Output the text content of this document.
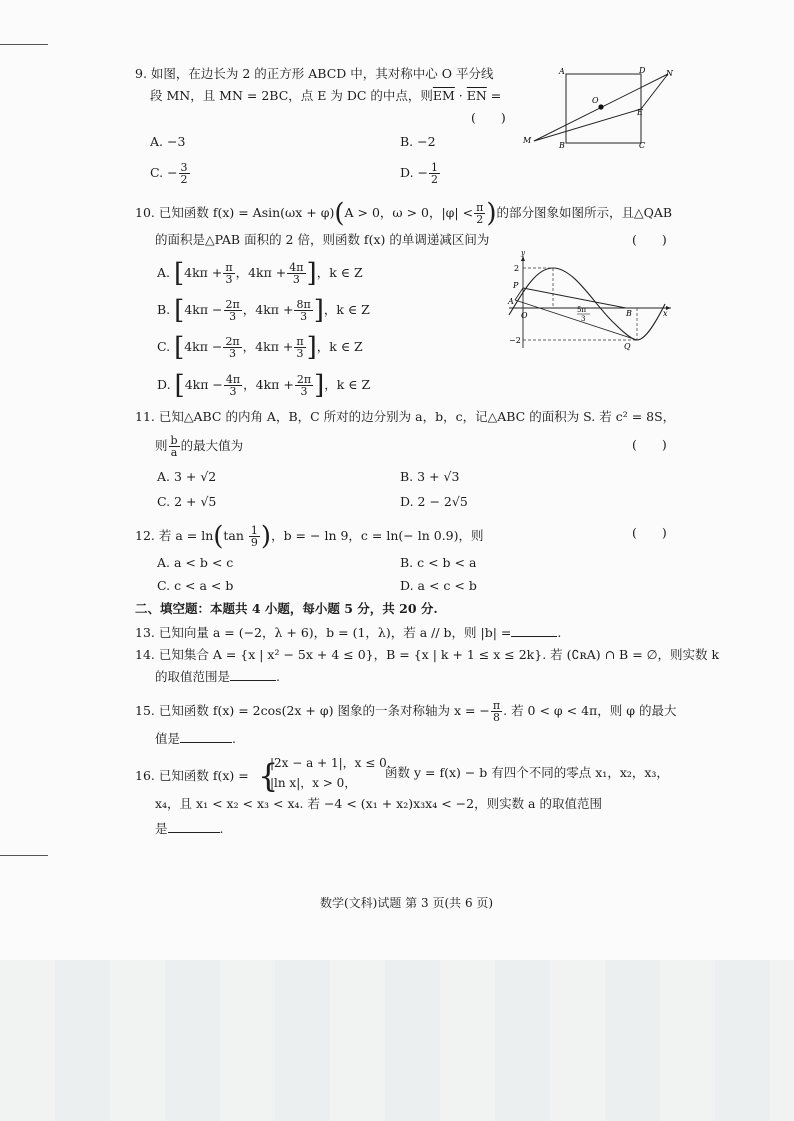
9. 如图，在边长为 2 的正方形 ABCD 中，其对称中心 O 平分线
段 MN，且 MN = 2BC，点 E 为 DC 的中点，则$\overline{EM} \cdot \overline{EN}$ =
(　　)
A	D	N
O
E
M
B	C
A. −3	B. −2
C. − $\frac{3}{2}$	D. − $\frac{1}{2}$
10. 已知函数 f(x) = Asin(ωx + φ)(A > 0，ω > 0，$|\varphi| < \frac{\pi}{2}$ )的部分图象如图所示，且△QAB
的面积是△PAB 面积的 2 倍，则函数 f(x) 的单调递减区间为	(　　)
A. [$4k\pi + \frac{\pi}{3}$ ，$4k\pi + \frac{4\pi}{3}$ ]，k ∈ Z
B. [$4k\pi - \frac{2\pi}{3}$ ，$4k\pi + \frac{8\pi}{3}$ ]，k ∈ Z
C. [$4k\pi - \frac{2\pi}{3}$ ，$4k\pi + \frac{\pi}{3}$ ]，k ∈ Z
D. [$4k\pi - \frac{4\pi}{3}$ ，$4k\pi + \frac{2\pi}{3}$ ]，k ∈ Z
y
2
P
A
O
5π
3
B	x
−2
Q
11. 已知△ABC 的内角 A，B，C 所对的边分别为 a，b，c，记△ABC 的面积为 S. 若 c² = 8S，
则 $\frac{b}{a}$ 的最大值为	(　　)
A. 3 + √2	B. 3 + √3
C. 2 + √5	D. 2 − 2√5
12. 若 $a = \ln(\tan \frac{1}{9}$ )，b = − ln 9，c = ln(− ln 0.9)，则	(　　)
A. a < b < c	B. c < b < a
C. c < a < b	D. a < c < b
二、填空题：本题共 4 小题，每小题 5 分，共 20 分.
13. 已知向量 a = (−2，λ + 6)，b = (1，λ)，若 a // b，则 |b| =	.
14. 已知集合 A = {x | x² − 5x + 4 ≤ 0}，B = {x | k + 1 ≤ x ≤ 2k}. 若 (∁ʀA) ∩ B = ∅，则实数 k
的取值范围是	.
15. 已知函数 f(x) = 2cos(2x + φ) 图象的一条对称轴为 x = − $\frac{\pi}{8}$ . 若 0 < φ < 4π，则 φ 的最大
值是	.
16. 已知函数 f(x) = {
|2x − a + 1|，x ≤ 0，
|ln x|，x > 0，
函数 y = f(x) − b 有四个不同的零点 x₁，x₂，x₃，
x₄，且 x₁ < x₂ < x₃ < x₄. 若 −4 < (x₁ + x₂)x₃x₄ < −2，则实数 a 的取值范围
是	.
数学(文科)试题 第 3 页(共 6 页)
